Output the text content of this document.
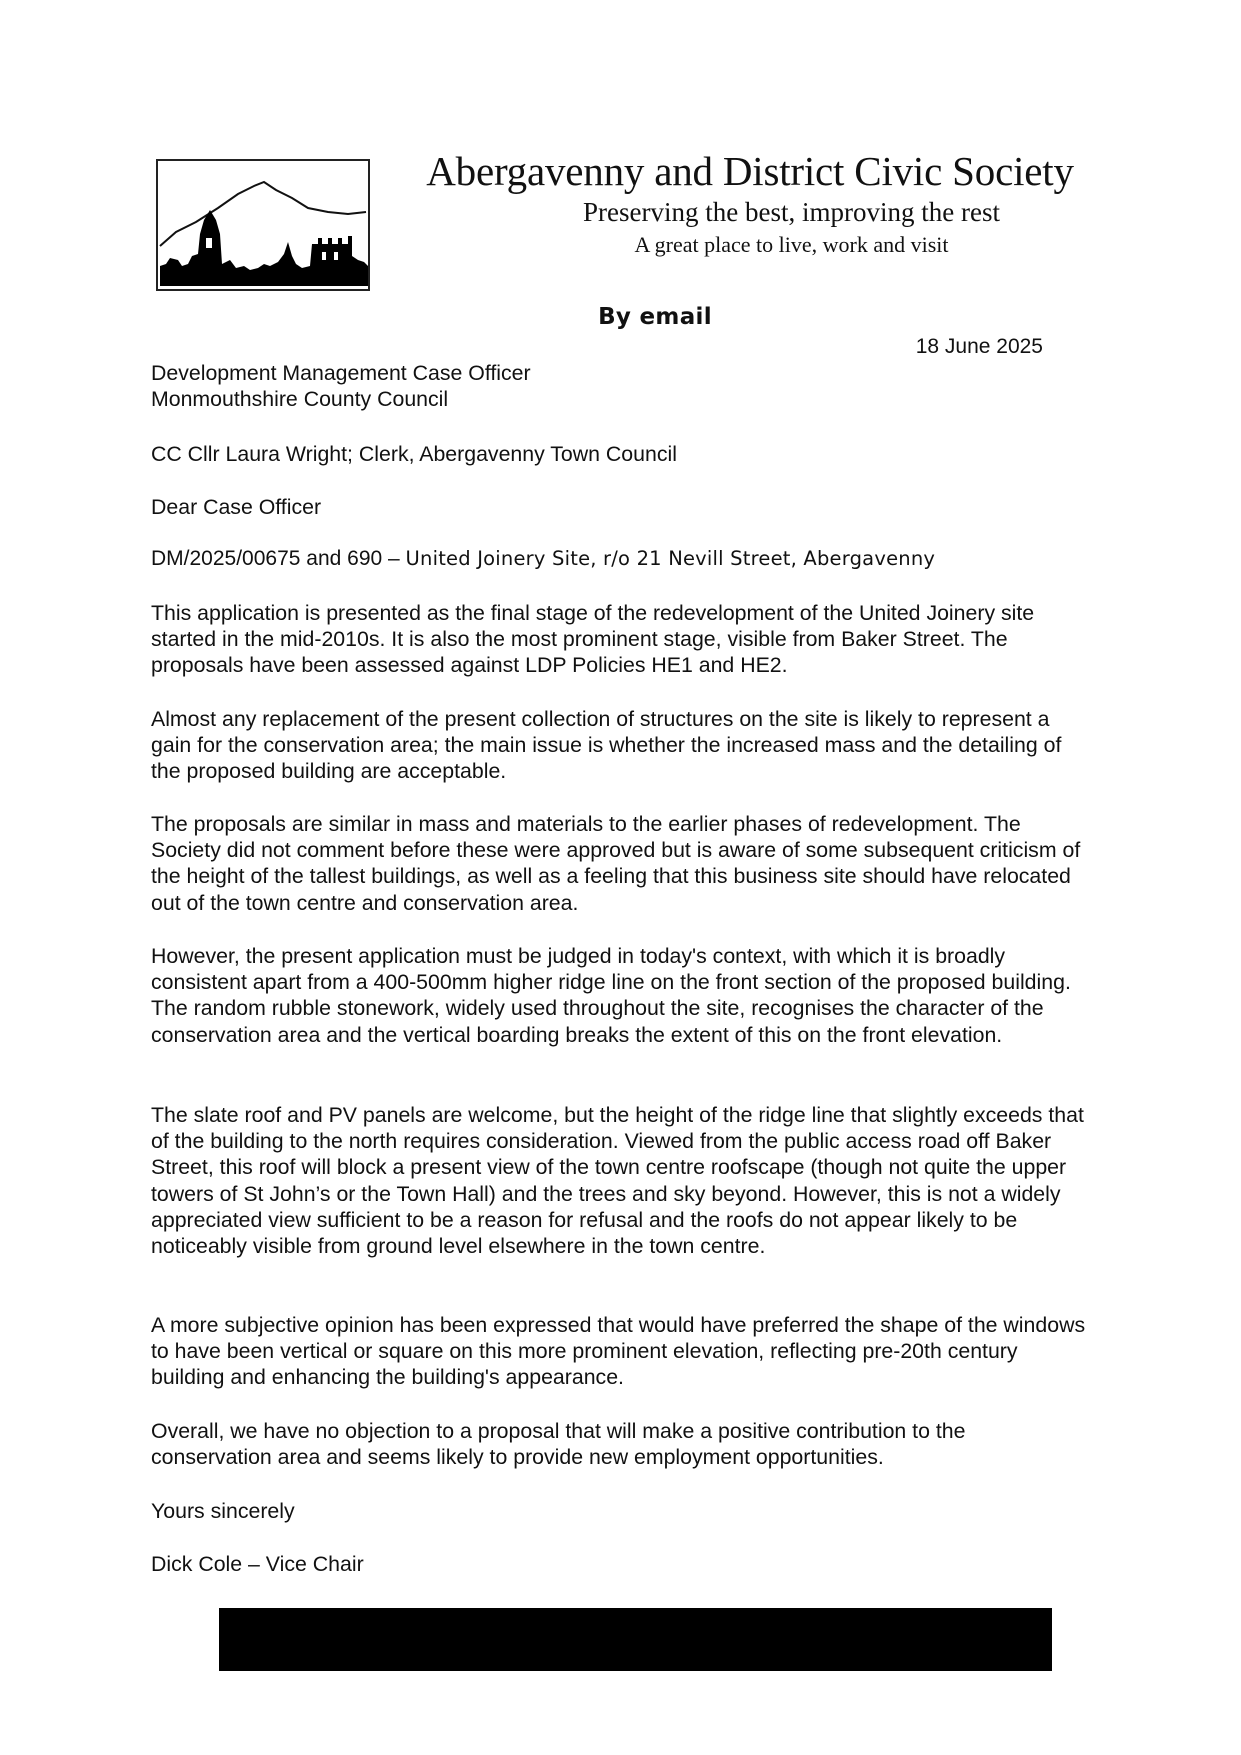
Abergavenny and District Civic Society
Preserving the best, improving the rest
A great place to live, work and visit
By email
18 June 2025
Development Management Case Officer
Monmouthshire County Council
CC Cllr Laura Wright; Clerk, Abergavenny Town Council
Dear Case Officer
DM/2025/00675 and 690 – United Joinery Site, r/o 21 Nevill Street, Abergavenny

This application is presented as the final stage of the redevelopment of the United Joinery site started in the mid-2010s. It is also the most prominent stage, visible from Baker Street. The proposals have been assessed against LDP Policies HE1 and HE2.

Almost any replacement of the present collection of structures on the site is likely to represent a gain for the conservation area; the main issue is whether the increased mass and the detailing of the proposed building are acceptable.

The proposals are similar in mass and materials to the earlier phases of redevelopment. The Society did not comment before these were approved but is aware of some subsequent criticism of the height of the tallest buildings, as well as a feeling that this business site should have relocated out of the town centre and conservation area.

However, the present application must be judged in today's context, with which it is broadly consistent apart from a 400-500mm higher ridge line on the front section of the proposed building. The random rubble stonework, widely used throughout the site, recognises the character of the conservation area and the vertical boarding breaks the extent of this on the front elevation.

The slate roof and PV panels are welcome, but the height of the ridge line that slightly exceeds that of the building to the north requires consideration. Viewed from the public access road off Baker Street, this roof will block a present view of the town centre roofscape (though not quite the upper towers of St John’s or the Town Hall) and the trees and sky beyond. However, this is not a widely appreciated view sufficient to be a reason for refusal and the roofs do not appear likely to be noticeably visible from ground level elsewhere in the town centre.

A more subjective opinion has been expressed that would have preferred the shape of the windows to have been vertical or square on this more prominent elevation, reflecting pre-20th century building and enhancing the building's appearance.

Overall, we have no objection to a proposal that will make a positive contribution to the conservation area and seems likely to provide new employment opportunities.

Yours sincerely
Dick Cole – Vice Chair
